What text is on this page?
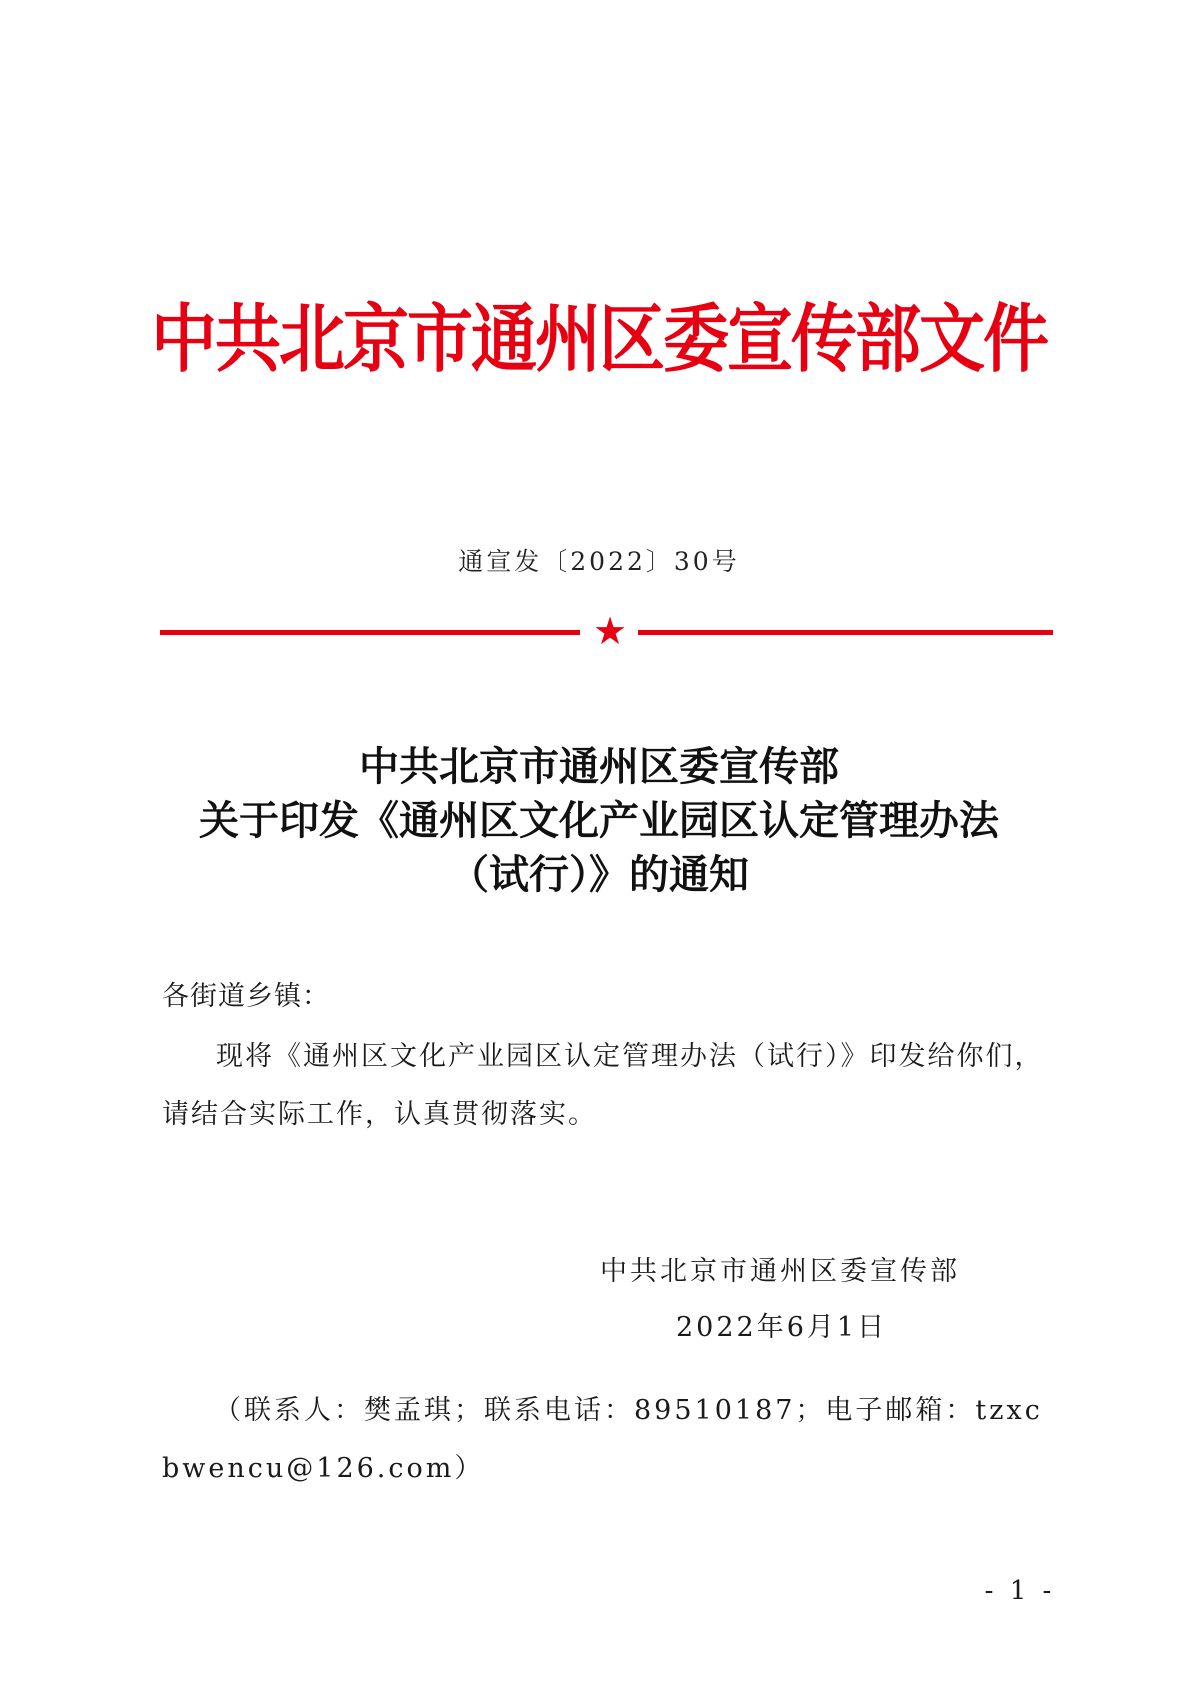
中共北京市通州区委宣传部文件
通宣发〔2022〕30号
★
中共北京市通州区委宣传部
关于印发《通州区文化产业园区认定管理办法
（试行）》的通知
各街道乡镇：
现将《通州区文化产业园区认定管理办法（试行）》印发给你们，请结合实际工作，认真贯彻落实。
中共北京市通州区委宣传部
2022年6月1日
（联系人：樊孟琪；联系电话：89510187；电子邮箱：tzxcbwencu@126.com）
- 1 -
